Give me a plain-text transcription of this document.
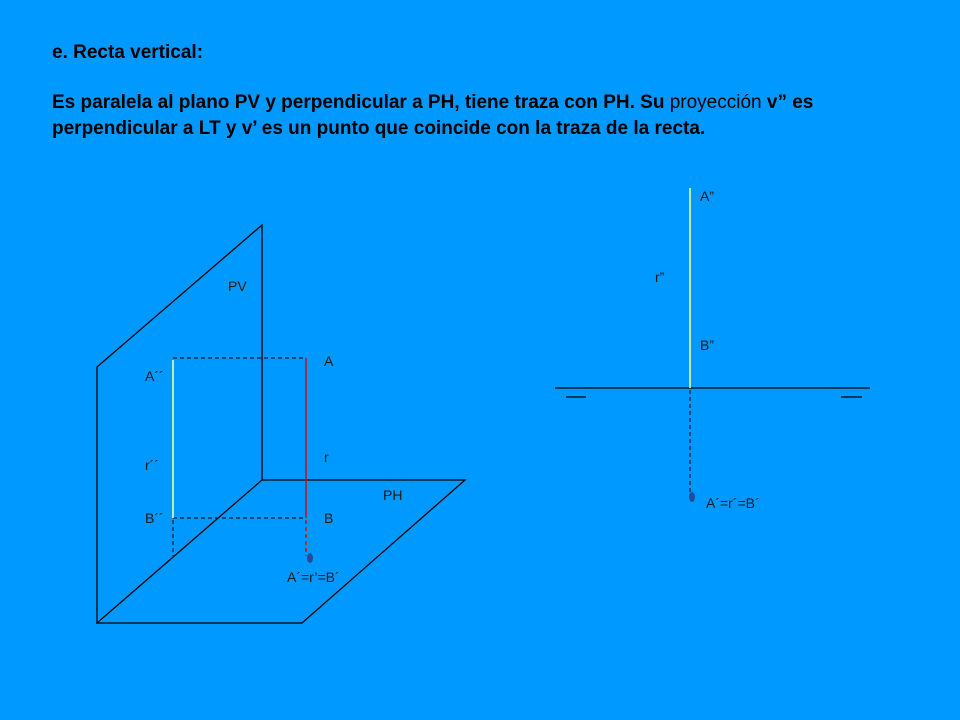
e. Recta vertical:

Es paralela al plano PV y perpendicular a PH, tiene traza con PH. Su proyección v” es perpendicular a LT y v’ es un punto que coincide con la traza de la recta.

PV
A
A´´
r
r´´
PH
B´´	B
A´=r’=B´
A”
r”
B”
A´=r´=B´
